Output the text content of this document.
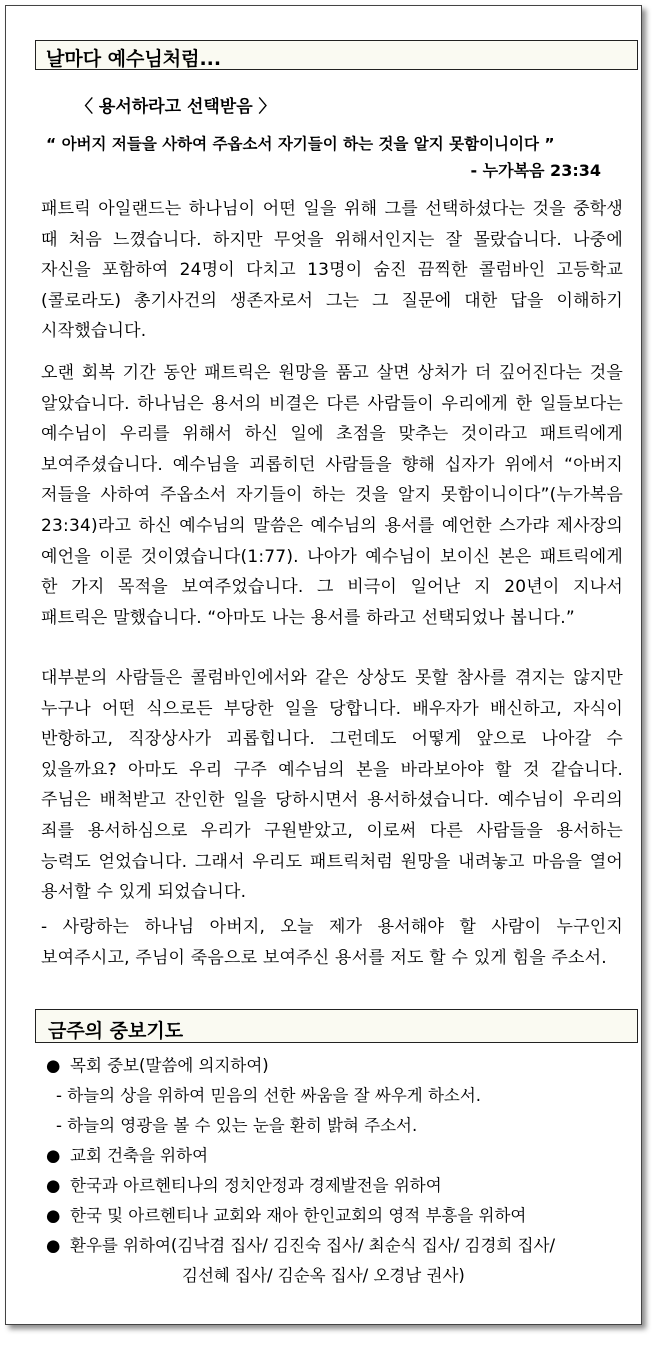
날마다 예수님처럼...
〈 용서하라고 선택받음 〉
“ 아버지 저들을 사하여 주옵소서 자기들이 하는 것을 알지 못함이니이다 ”
- 누가복음 23:34
패트릭 아일랜드는 하나님이 어떤 일을 위해 그를 선택하셨다는 것을 중학생 때 처음 느꼈습니다. 하지만 무엇을 위해서인지는 잘 몰랐습니다. 나중에 자신을 포함하여 24명이 다치고 13명이 숨진 끔찍한 콜럼바인 고등학교(콜로라도) 총기사건의 생존자로서 그는 그 질문에 대한 답을 이해하기 시작했습니다.
오랜 회복 기간 동안 패트릭은 원망을 품고 살면 상처가 더 깊어진다는 것을 알았습니다. 하나님은 용서의 비결은 다른 사람들이 우리에게 한 일들보다는 예수님이 우리를 위해서 하신 일에 초점을 맞추는 것이라고 패트릭에게 보여주셨습니다. 예수님을 괴롭히던 사람들을 향해 십자가 위에서 “아버지 저들을 사하여 주옵소서 자기들이 하는 것을 알지 못함이니이다”(누가복음 23:34)라고 하신 예수님의 말씀은 예수님의 용서를 예언한 스가랴 제사장의 예언을 이룬 것이였습니다(1:77). 나아가 예수님이 보이신 본은 패트릭에게 한 가지 목적을 보여주었습니다. 그 비극이 일어난 지 20년이 지나서 패트릭은 말했습니다. “아마도 나는 용서를 하라고 선택되었나 봅니다.”
대부분의 사람들은 콜럼바인에서와 같은 상상도 못할 참사를 겪지는 않지만 누구나 어떤 식으로든 부당한 일을 당합니다. 배우자가 배신하고, 자식이 반항하고, 직장상사가 괴롭힙니다. 그런데도 어떻게 앞으로 나아갈 수 있을까요? 아마도 우리 구주 예수님의 본을 바라보아야 할 것 같습니다. 주님은 배척받고 잔인한 일을 당하시면서 용서하셨습니다. 예수님이 우리의 죄를 용서하심으로 우리가 구원받았고, 이로써 다른 사람들을 용서하는 능력도 얻었습니다. 그래서 우리도 패트릭처럼 원망을 내려놓고 마음을 열어 용서할 수 있게 되었습니다.
- 사랑하는 하나님 아버지, 오늘 제가 용서해야 할 사람이 누구인지 보여주시고, 주님이 죽음으로 보여주신 용서를 저도 할 수 있게 힘을 주소서.
금주의 중보기도
● 목회 중보(말씀에 의지하여)
- 하늘의 상을 위하여 믿음의 선한 싸움을 잘 싸우게 하소서.
- 하늘의 영광을 볼 수 있는 눈을 환히 밝혀 주소서.
● 교회 건축을 위하여
● 한국과 아르헨티나의 정치안정과 경제발전을 위하여
● 한국 및 아르헨티나 교회와 재아 한인교회의 영적 부흥을 위하여
● 환우를 위하여(김낙겸 집사/ 김진숙 집사/ 최순식 집사/ 김경희 집사/
김선혜 집사/ 김순옥 집사/ 오경남 권사)
